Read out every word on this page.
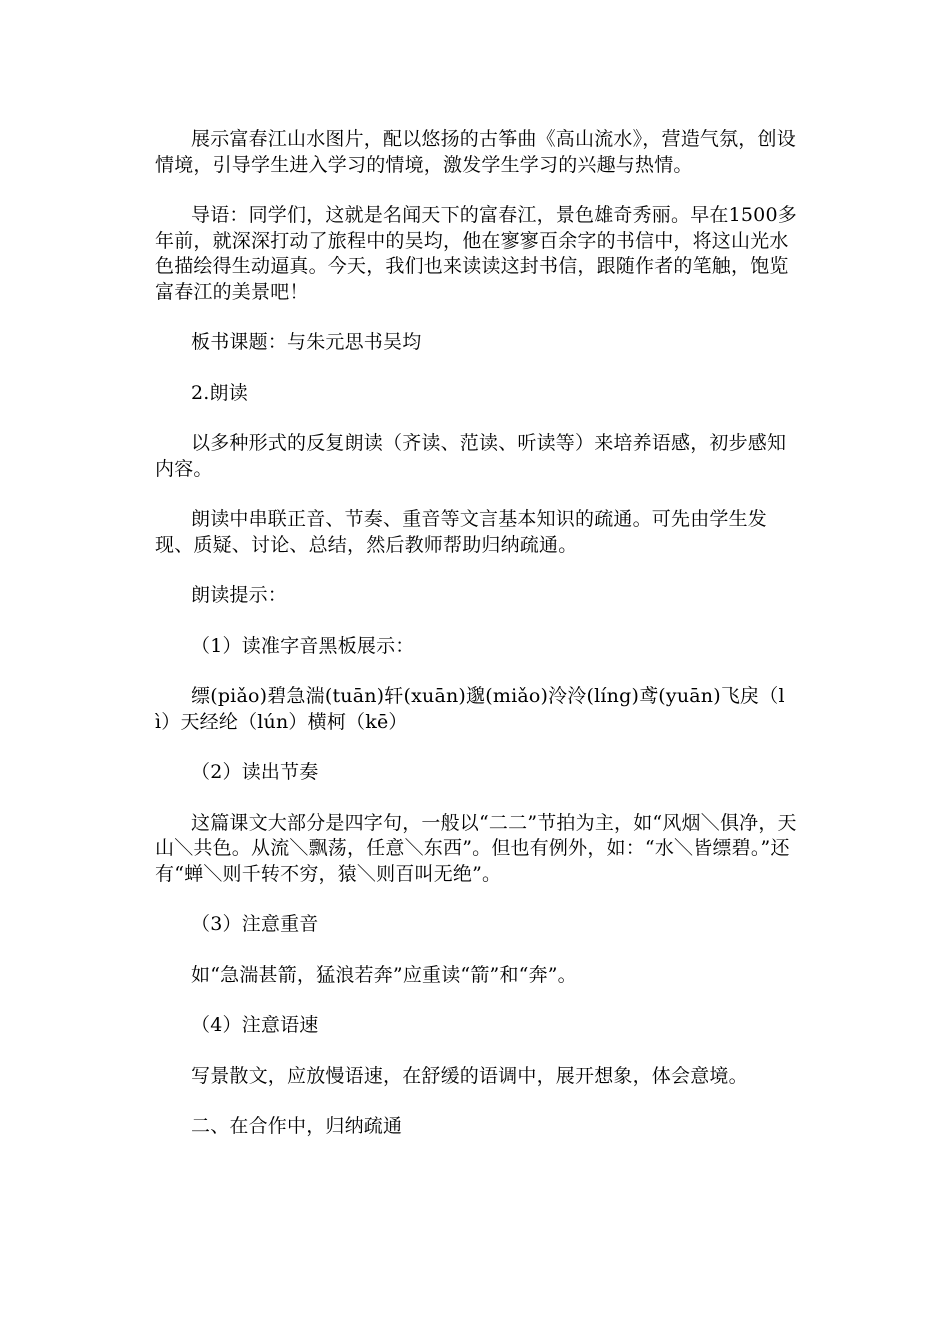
展示富春江山水图片，配以悠扬的古筝曲《高山流水》，营造气氛，创设情境，引导学生进入学习的情境，激发学生学习的兴趣与热情。

导语：同学们，这就是名闻天下的富春江，景色雄奇秀丽。早在1500多年前，就深深打动了旅程中的吴均，他在寥寥百余字的书信中，将这山光水色描绘得生动逼真。今天，我们也来读读这封书信，跟随作者的笔触，饱览富春江的美景吧！

板书课题：与朱元思书吴均

2.朗读

以多种形式的反复朗读（齐读、范读、听读等）来培养语感，初步感知内容。

朗读中串联正音、节奏、重音等文言基本知识的疏通。可先由学生发现、质疑、讨论、总结，然后教师帮助归纳疏通。

朗读提示：

（1）读准字音黑板展示：

缥(piǎo)碧急湍(tuān)轩(xuān)邈(miǎo)泠泠(líng)鸢(yuān)飞戾（lì）天经纶（lún）横柯（kē）

（2）读出节奏

这篇课文大部分是四字句，一般以“二二”节拍为主，如“风烟＼俱净，天山＼共色。从流＼飘荡，任意＼东西”。但也有例外，如：“水＼皆缥碧。”还有“蝉＼则千转不穷，猿＼则百叫无绝”。

（3）注意重音

如“急湍甚箭，猛浪若奔”应重读“箭”和“奔”。

（4）注意语速

写景散文，应放慢语速，在舒缓的语调中，展开想象，体会意境。

二、在合作中，归纳疏通
